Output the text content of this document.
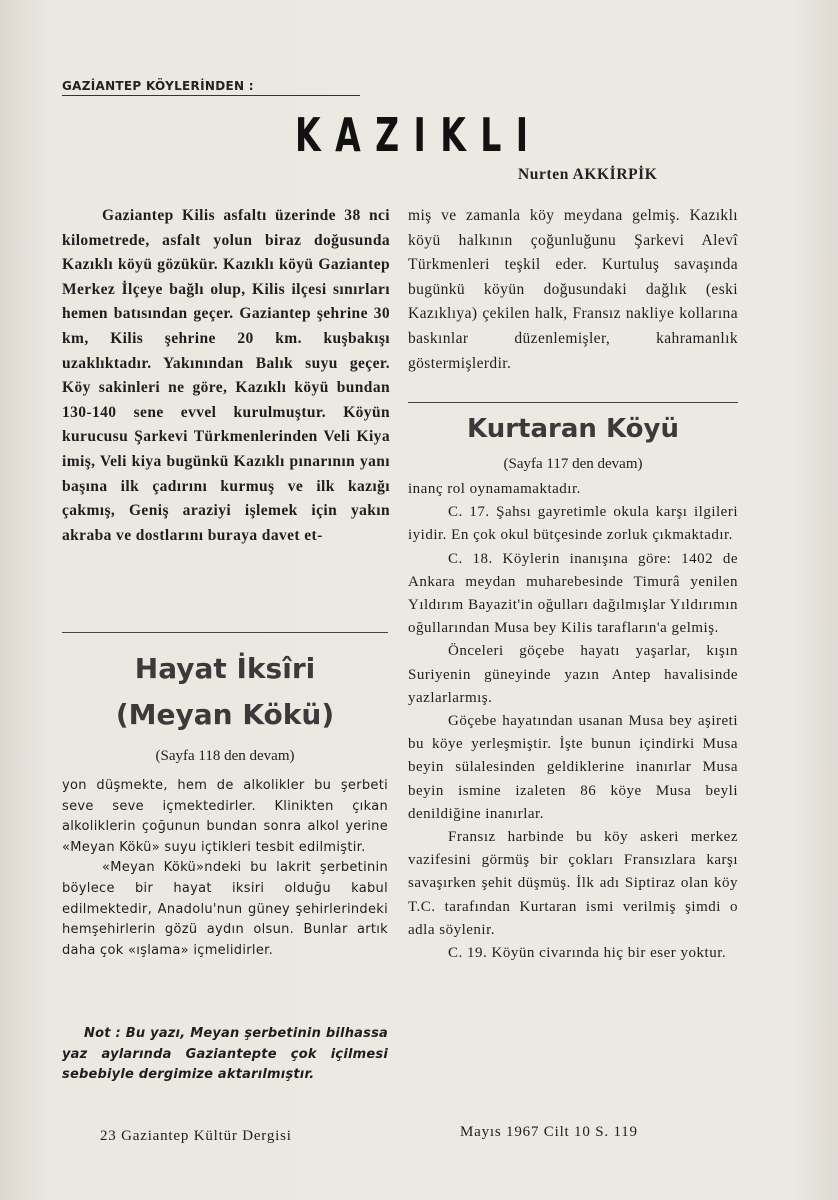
GAZİANTEP KÖYLERİNDEN :
KAZIKLI
Nurten AKKİRPİK

Gaziantep Kilis asfaltı üzerinde 38 nci kilometrede, asfalt yolun biraz doğusunda Kazıklı köyü gözükür. Kazıklı köyü Gaziantep Merkez İlçeye bağlı olup, Kilis ilçesi sınırları hemen batısından geçer. Gaziantep şehrine 30 km, Kilis şehrine 20 km. kuşbakışı uzaklıktadır. Yakınından Balık suyu geçer. Köy sakinleri ne göre, Kazıklı köyü bundan 130-140 sene evvel kurulmuştur. Köyün kurucusu Şarkevi Türkmenlerinden Veli Kiya imiş, Veli kiya bugünkü Kazıklı pınarının yanı başına ilk çadırını kurmuş ve ilk kazığı çakmış, Geniş araziyi işlemek için yakın akraba ve dostlarını buraya davet et-

miş ve zamanla köy meydana gelmiş. Kazıklı köyü halkının çoğunluğunu Şarkevi Alevî Türkmenleri teşkil eder. Kurtuluş savaşında bugünkü köyün doğusundaki dağlık (eski Kazıklıya) çekilen halk, Fransız nakliye kollarına baskınlar düzenlemişler, kahramanlık göstermişlerdir.

Hayat İksîri
(Meyan Kökü)
(Sayfa 118 den devam)

yon düşmekte, hem de alkolikler bu şerbeti seve seve içmektedirler. Klinikten çıkan alkoliklerin çoğunun bundan sonra alkol yerine «Meyan Kökü» suyu içtikleri tesbit edilmiştir.

«Meyan Kökü»ndeki bu lakrit şerbetinin böylece bir hayat iksiri olduğu kabul edilmektedir, Anadolu'nun güney şehirlerindeki hemşehirlerin gözü aydın olsun. Bunlar artık daha çok «ışlama» içmelidirler.

Not : Bu yazı, Meyan şerbetinin bilhassa yaz aylarında Gaziantepte çok içilmesi sebebiyle dergimize aktarılmıştır.

Kurtaran Köyü
(Sayfa 117 den devam)

inanç rol oynamamaktadır.

C. 17. Şahsı gayretimle okula karşı ilgileri iyidir. En çok okul bütçesinde zorluk çıkmaktadır.

C. 18. Köylerin inanışına göre: 1402 de Ankara meydan muharebesinde Timurâ yenilen Yıldırım Bayazit'in oğulları dağılmışlar Yıldırımın oğullarından Musa bey Kilis tarafların'a gelmiş.

Önceleri göçebe hayatı yaşarlar, kışın Suriyenin güneyinde yazın Antep havalisinde yazlarlarmış.

Göçebe hayatından usanan Musa bey aşireti bu köye yerleşmiştir. İşte bunun içindirki Musa beyin sülalesinden geldiklerine inanırlar Musa beyin ismine izaleten 86 köye Musa beyli denildiğine inanırlar.

Fransız harbinde bu köy askeri merkez vazifesini görmüş bir çokları Fransızlara karşı savaşırken şehit düşmüş. İlk adı Siptiraz olan köy T.C. tarafından Kurtaran ismi verilmiş şimdi o adla söylenir.

C. 19. Köyün civarında hiç bir eser yoktur.

23 Gaziantep Kültür Dergisi	Mayıs 1967 Cilt 10 S. 119
